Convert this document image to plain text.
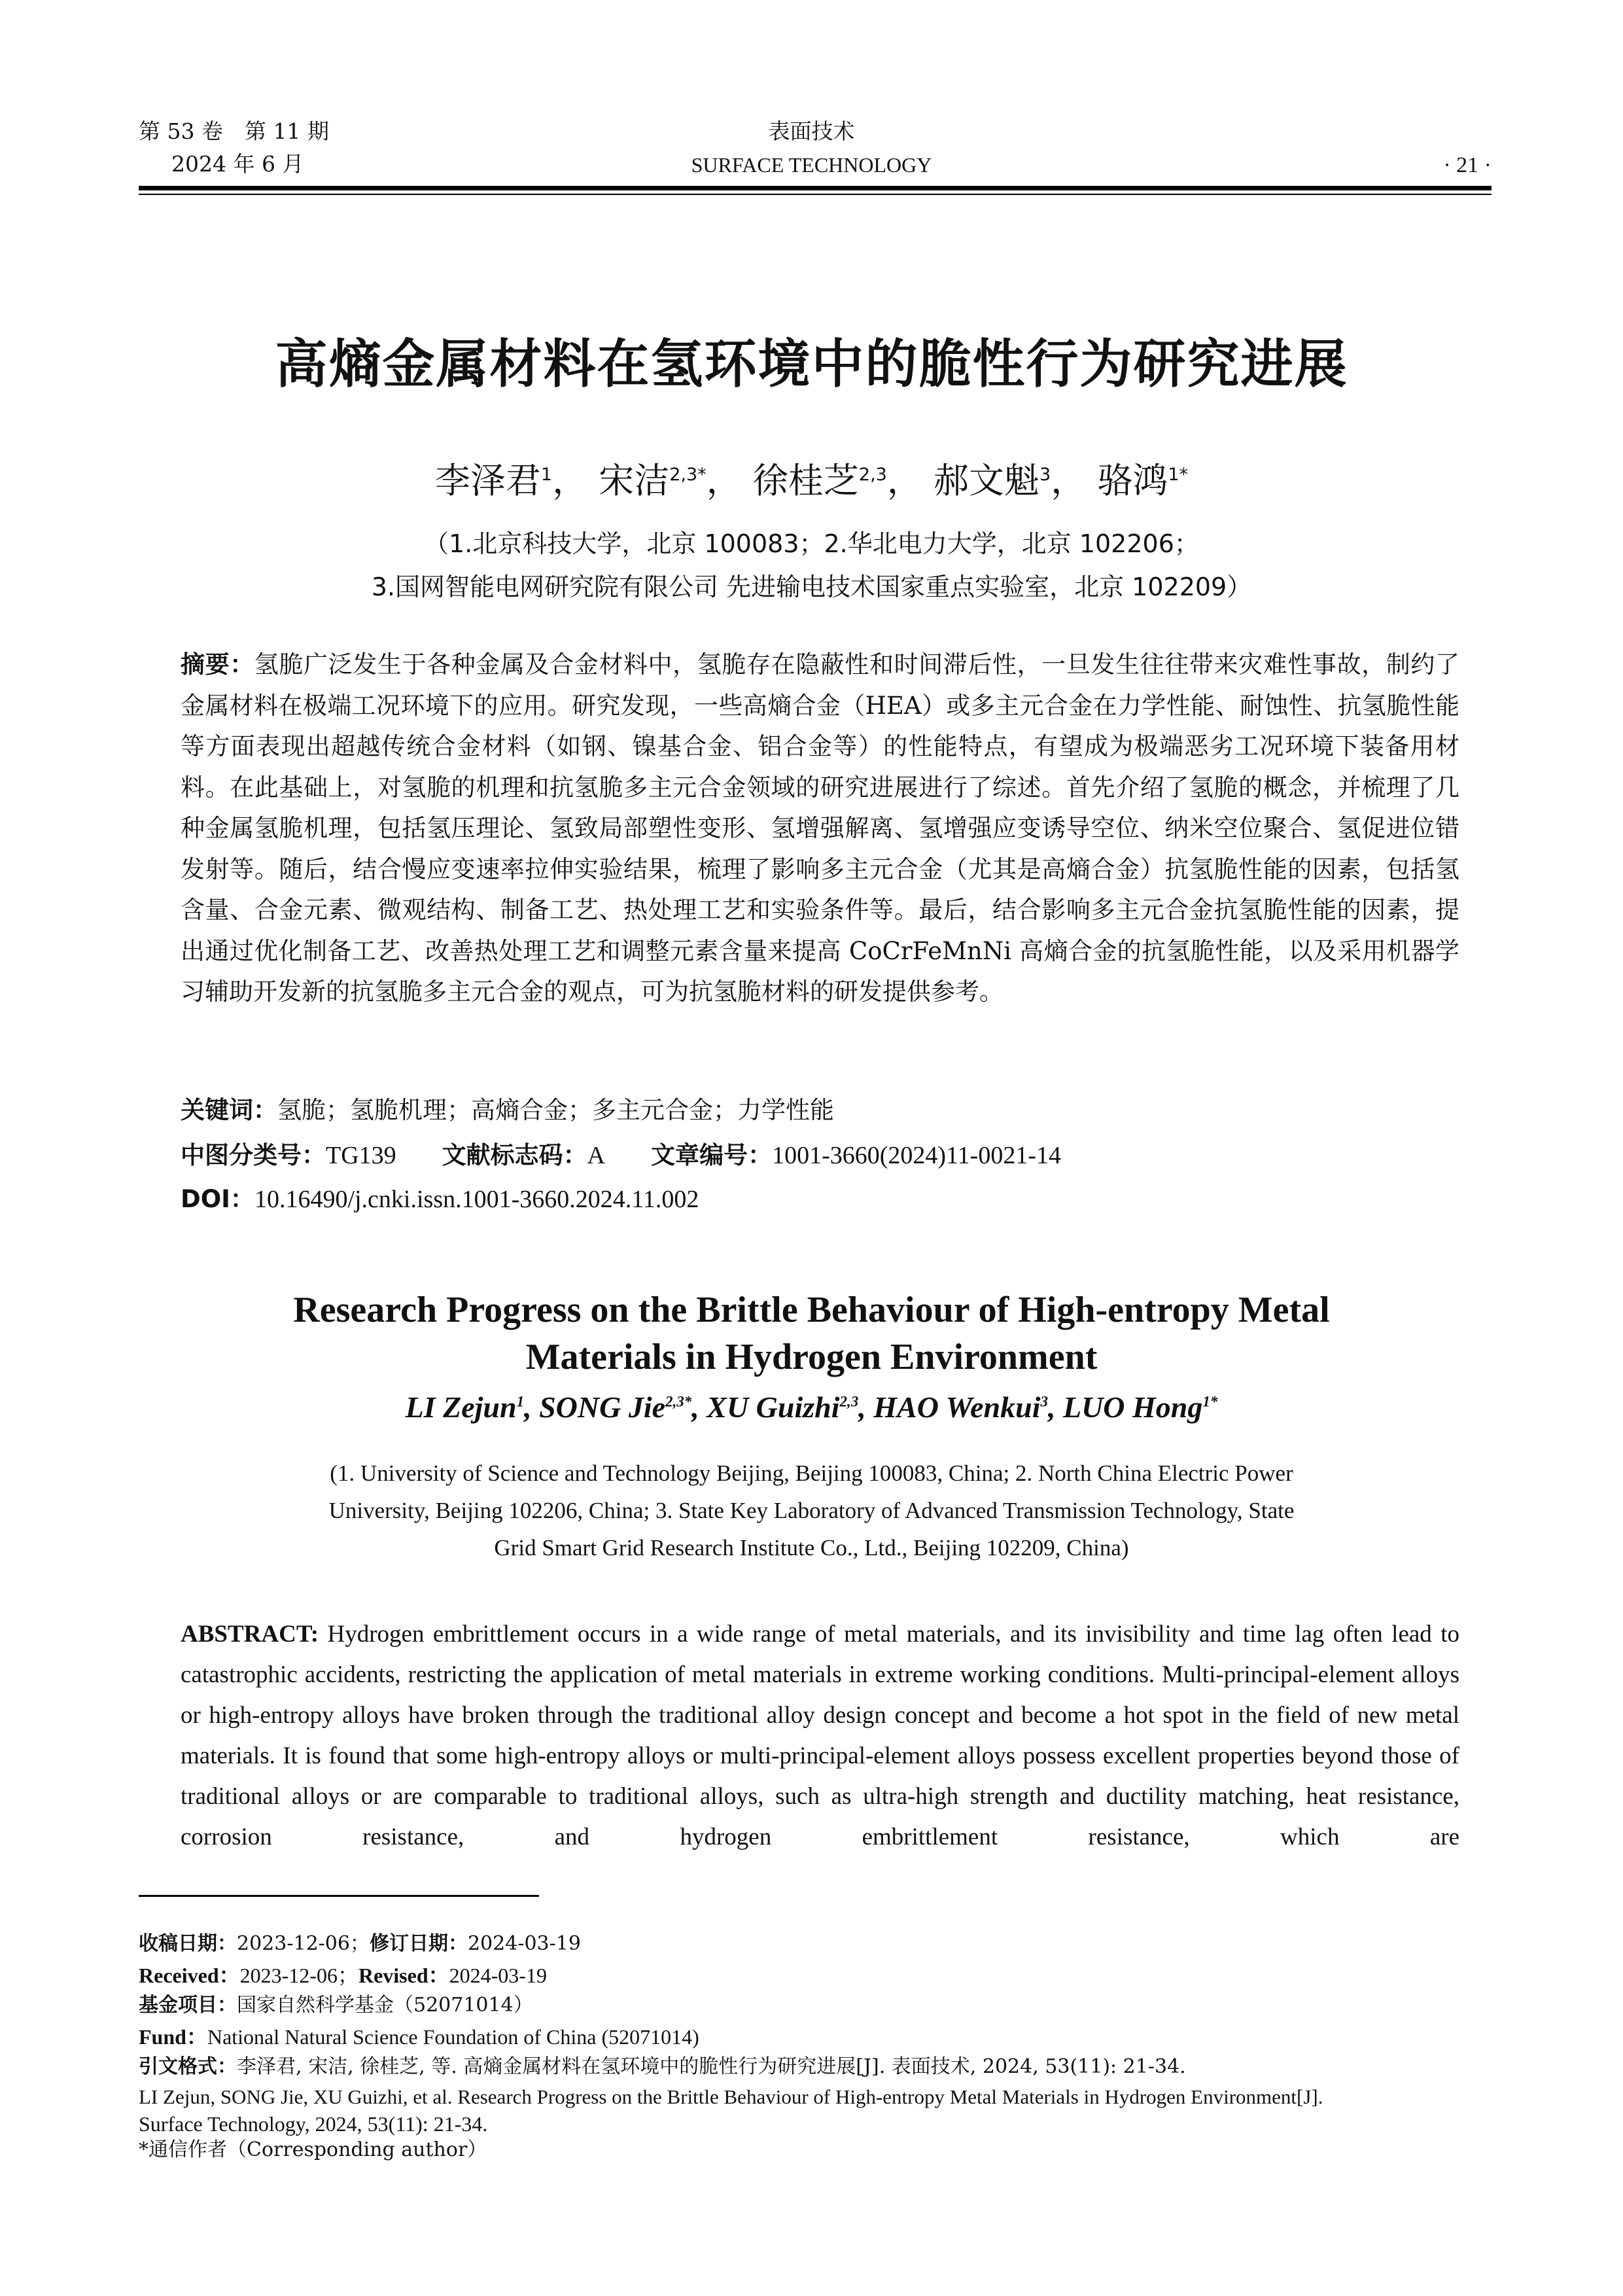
第 53 卷　第 11 期
2024 年 6 月
表面技术
SURFACE TECHNOLOGY	· 21 ·
高熵金属材料在氢环境中的脆性行为研究进展
李泽君$^1$， 宋洁$^{2,3*}$， 徐桂芝$^{2,3}$， 郝文魁$^3$， 骆鸿$^{1*}$
（1.北京科技大学，北京 100083；2.华北电力大学，北京 102206；
3.国网智能电网研究院有限公司 先进输电技术国家重点实验室，北京 102209）
摘要：氢脆广泛发生于各种金属及合金材料中，氢脆存在隐蔽性和时间滞后性，一旦发生往往带来灾难性事故，制约了金属材料在极端工况环境下的应用。研究发现，一些高熵合金（HEA）或多主元合金在力学性能、耐蚀性、抗氢脆性能等方面表现出超越传统合金材料（如钢、镍基合金、铝合金等）的性能特点，有望成为极端恶劣工况环境下装备用材料。在此基础上，对氢脆的机理和抗氢脆多主元合金领域的研究进展进行了综述。首先介绍了氢脆的概念，并梳理了几种金属氢脆机理，包括氢压理论、氢致局部塑性变形、氢增强解离、氢增强应变诱导空位、纳米空位聚合、氢促进位错发射等。随后，结合慢应变速率拉伸实验结果，梳理了影响多主元合金（尤其是高熵合金）抗氢脆性能的因素，包括氢含量、合金元素、微观结构、制备工艺、热处理工艺和实验条件等。最后，结合影响多主元合金抗氢脆性能的因素，提出通过优化制备工艺、改善热处理工艺和调整元素含量来提高 CoCrFeMnNi 高熵合金的抗氢脆性能，以及采用机器学习辅助开发新的抗氢脆多主元合金的观点，可为抗氢脆材料的研发提供参考。
关键词：氢脆；氢脆机理；高熵合金；多主元合金；力学性能
中图分类号：TG139 文献标志码：A 文章编号：1001-3660(2024)11-0021-14
DOI：10.16490/j.cnki.issn.1001-3660.2024.11.002
Research Progress on the Brittle Behaviour of High-entropy Metal
Materials in Hydrogen Environment
LI Zejun$^1$, SONG Jie$^{2,3*}$, XU Guizhi$^{2,3}$, HAO Wenkui$^3$, LUO Hong$^{1*}$
(1. University of Science and Technology Beijing, Beijing 100083, China; 2. North China Electric Power
University, Beijing 102206, China; 3. State Key Laboratory of Advanced Transmission Technology, State
Grid Smart Grid Research Institute Co., Ltd., Beijing 102209, China)
ABSTRACT: Hydrogen embrittlement occurs in a wide range of metal materials, and its invisibility and time lag often lead to catastrophic accidents, restricting the application of metal materials in extreme working conditions. Multi-principal-element alloys or high-entropy alloys have broken through the traditional alloy design concept and become a hot spot in the field of new metal materials. It is found that some high-entropy alloys or multi-principal-element alloys possess excellent properties beyond those of traditional alloys or are comparable to traditional alloys, such as ultra-high strength and ductility matching, heat resistance, corrosion resistance, and hydrogen embrittlement resistance, which are
收稿日期：2023-12-06；修订日期：2024-03-19
Received：2023-12-06；Revised：2024-03-19
基金项目：国家自然科学基金（52071014）
Fund：National Natural Science Foundation of China (52071014)
引文格式：李泽君, 宋洁, 徐桂芝, 等. 高熵金属材料在氢环境中的脆性行为研究进展[J]. 表面技术, 2024, 53(11): 21-34.
LI Zejun, SONG Jie, XU Guizhi, et al. Research Progress on the Brittle Behaviour of High-entropy Metal Materials in Hydrogen Environment[J].
Surface Technology, 2024, 53(11): 21-34.
*通信作者（Corresponding author）
